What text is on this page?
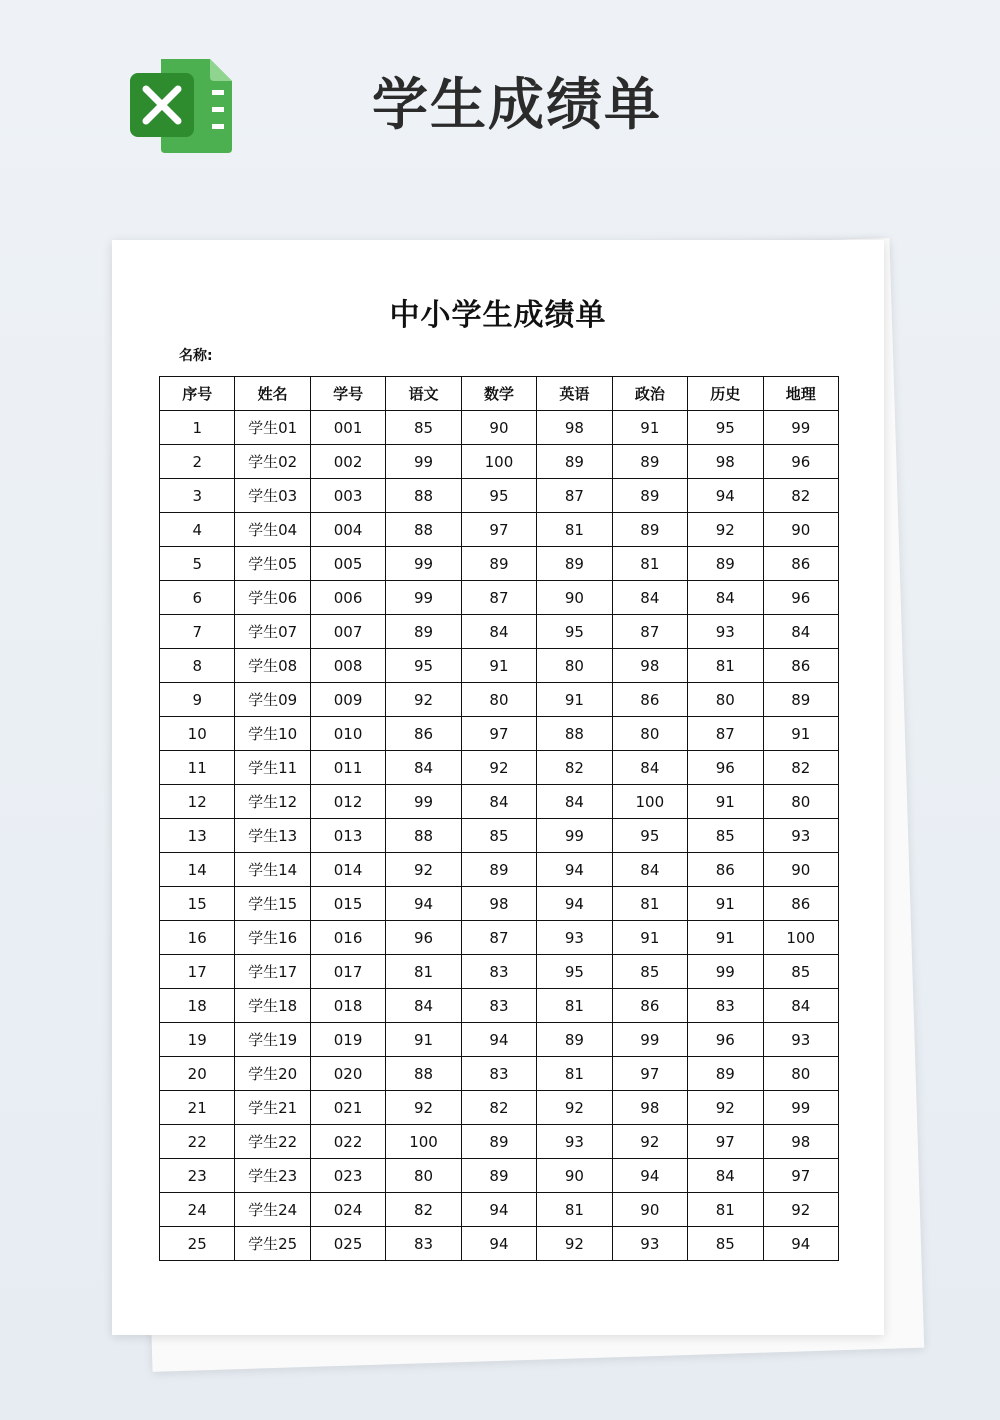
学生成绩单
中小学生成绩单
名称:
序号	姓名	学号	语文	数学	英语	政治	历史	地理
1	学生01	001	85	90	98	91	95	99
2	学生02	002	99	100	89	89	98	96
3	学生03	003	88	95	87	89	94	82
4	学生04	004	88	97	81	89	92	90
5	学生05	005	99	89	89	81	89	86
6	学生06	006	99	87	90	84	84	96
7	学生07	007	89	84	95	87	93	84
8	学生08	008	95	91	80	98	81	86
9	学生09	009	92	80	91	86	80	89
10	学生10	010	86	97	88	80	87	91
11	学生11	011	84	92	82	84	96	82
12	学生12	012	99	84	84	100	91	80
13	学生13	013	88	85	99	95	85	93
14	学生14	014	92	89	94	84	86	90
15	学生15	015	94	98	94	81	91	86
16	学生16	016	96	87	93	91	91	100
17	学生17	017	81	83	95	85	99	85
18	学生18	018	84	83	81	86	83	84
19	学生19	019	91	94	89	99	96	93
20	学生20	020	88	83	81	97	89	80
21	学生21	021	92	82	92	98	92	99
22	学生22	022	100	89	93	92	97	98
23	学生23	023	80	89	90	94	84	97
24	学生24	024	82	94	81	90	81	92
25	学生25	025	83	94	92	93	85	94
